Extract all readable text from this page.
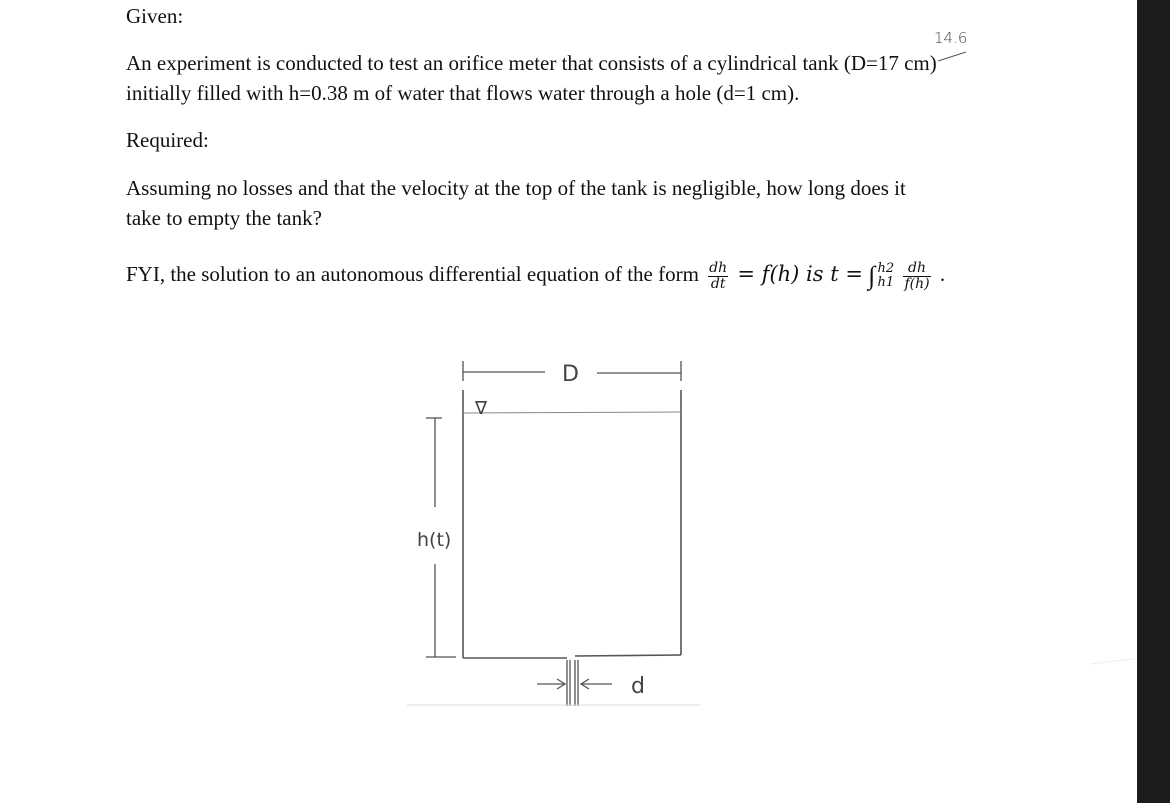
Given:
14.6
An experiment is conducted to test an orifice meter that consists of a cylindrical tank (D=17 cm)
initially filled with h=0.38 m of water that flows water through a hole (d=1 cm).
Required:
Assuming no losses and that the velocity at the top of the tank is negligible, how long does it
take to empty the tank?
FYI, the solution to an autonomous differential equation of the form $\frac{dh}{dt} = f(h)$ is t = ∫ h2
h1
$\frac{dh}{f(h)}$ .
D
∇
h(t)
d
